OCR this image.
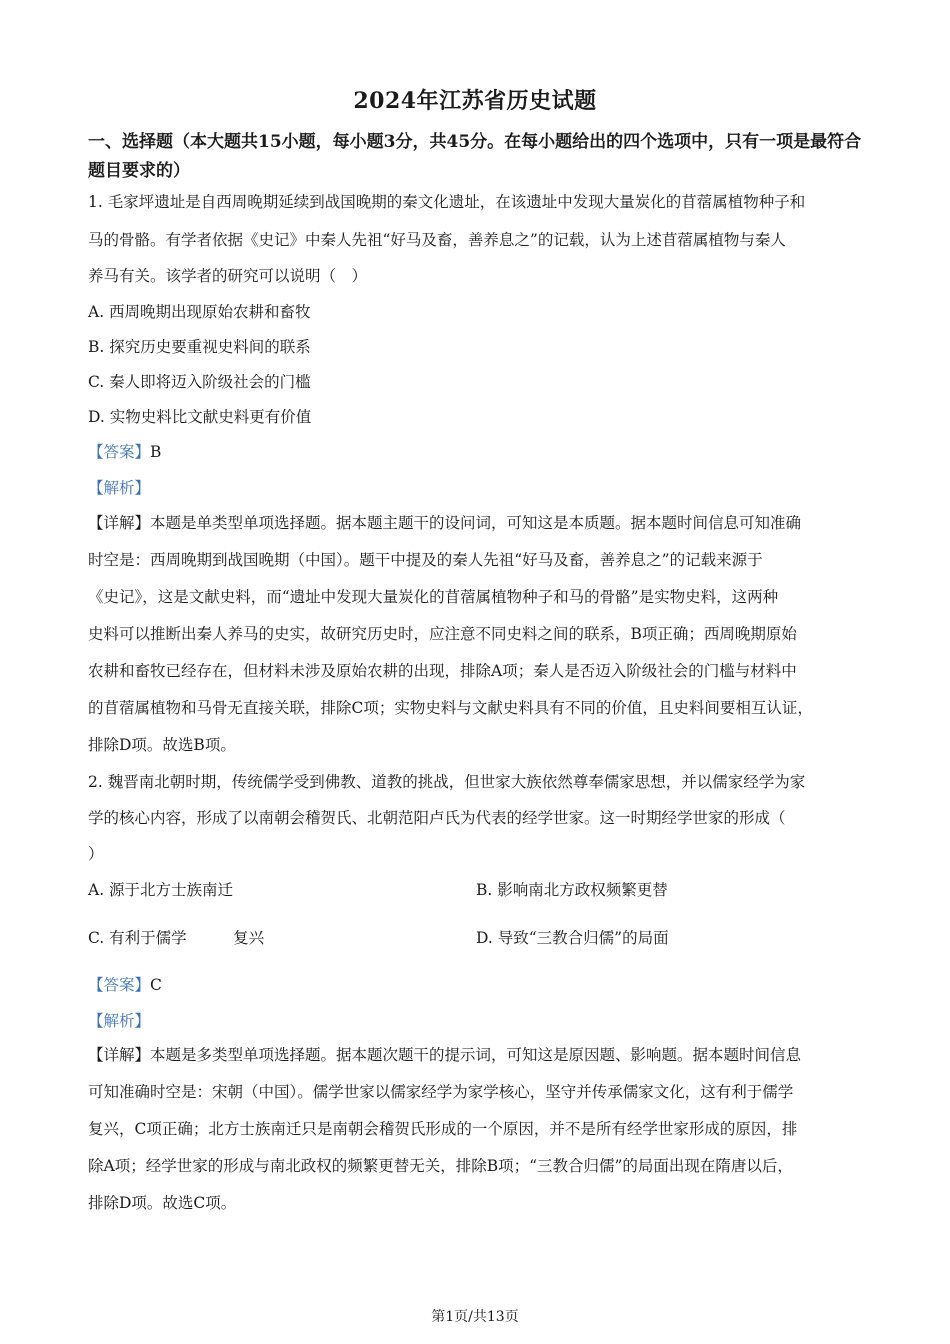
2024年江苏省历史试题
一、选择题（本大题共15小题，每小题3分，共45分。在每小题给出的四个选项中，只有一项是最符合题目要求的）
1. 毛家坪遗址是自西周晚期延续到战国晚期的秦文化遗址，在该遗址中发现大量炭化的苜蓿属植物种子和
马的骨骼。有学者依据《史记》中秦人先祖“好马及畜，善养息之”的记载，认为上述苜蓿属植物与秦人
养马有关。该学者的研究可以说明（　）
A. 西周晚期出现原始农耕和畜牧
B. 探究历史要重视史料间的联系
C. 秦人即将迈入阶级社会的门槛
D. 实物史料比文献史料更有价值
【答案】B
【解析】
【详解】本题是单类型单项选择题。据本题主题干的设问词，可知这是本质题。据本题时间信息可知准确
时空是：西周晚期到战国晚期（中国）。题干中提及的秦人先祖“好马及畜，善养息之”的记载来源于
《史记》，这是文献史料，而“遗址中发现大量炭化的苜蓿属植物种子和马的骨骼”是实物史料，这两种
史料可以推断出秦人养马的史实，故研究历史时，应注意不同史料之间的联系，B项正确；西周晚期原始
农耕和畜牧已经存在，但材料未涉及原始农耕的出现，排除A项；秦人是否迈入阶级社会的门槛与材料中
的苜蓿属植物和马骨无直接关联，排除C项；实物史料与文献史料具有不同的价值，且史料间要相互认证，
排除D项。故选B项。
2. 魏晋南北朝时期，传统儒学受到佛教、道教的挑战，但世家大族依然尊奉儒家思想，并以儒家经学为家
学的核心内容，形成了以南朝会稽贺氏、北朝范阳卢氏为代表的经学世家。这一时期经学世家的形成（
）
A. 源于北方士族南迁	B. 影响南北方政权频繁更替
C. 有利于儒学　　　复兴	D. 导致“三教合归儒”的局面
【答案】C
【解析】
【详解】本题是多类型单项选择题。据本题次题干的提示词，可知这是原因题、影响题。据本题时间信息
可知准确时空是：宋朝（中国）。儒学世家以儒家经学为家学核心，坚守并传承儒家文化，这有利于儒学
复兴，C项正确；北方士族南迁只是南朝会稽贺氏形成的一个原因，并不是所有经学世家形成的原因，排
除A项；经学世家的形成与南北政权的频繁更替无关，排除B项；“三教合归儒”的局面出现在隋唐以后，
排除D项。故选C项。
第1页/共13页
